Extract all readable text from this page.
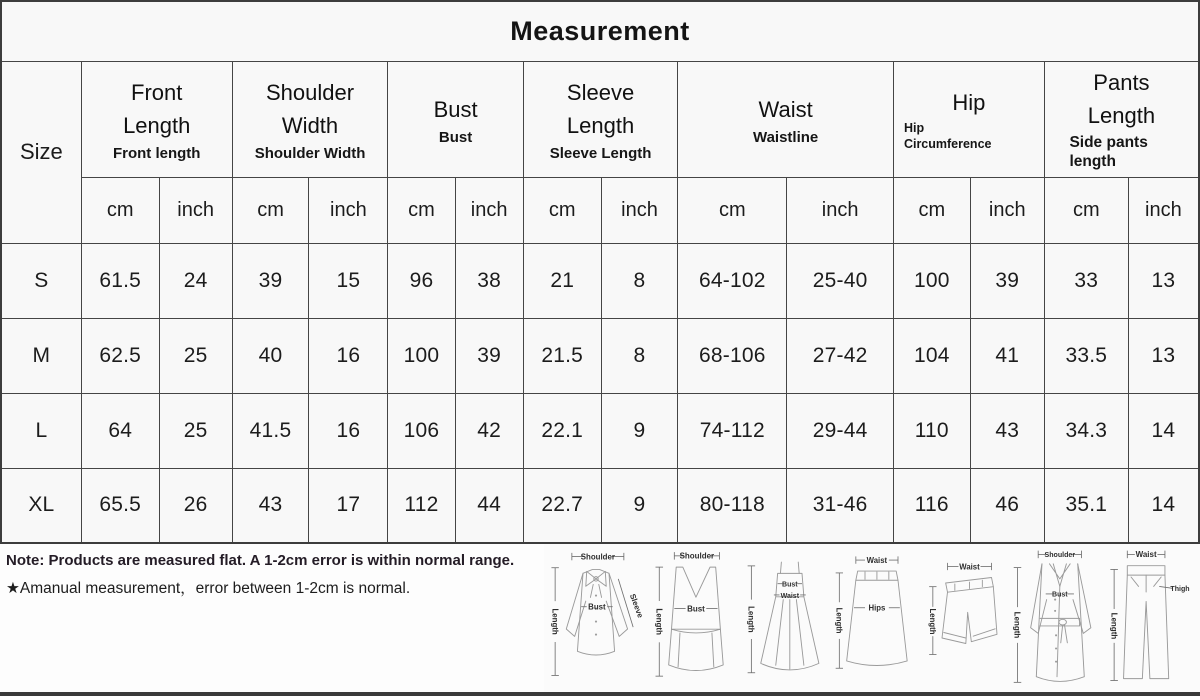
Measurement														
Size	
Front Length
Front length

Shoulder Width
Shoulder Width

Bust
Bust

Sleeve Length
Sleeve Length

Waist
Waistline

Hip
Hip Circumference

Pants Length
Side pants length

	cm	inch	cm	inch	cm	inch	cm	inch	cm	inch	cm	inch	cm	inch
S	61.5	24	39	15	96	38	21	8	64-102	25-40	100	39	33	13
M	62.5	25	40	16	100	39	21.5	8	68-106	27-42	104	41	33.5	13
L	64	25	41.5	16	106	42	22.1	9	74-112	29-44	110	43	34.3	14
XL	65.5	26	43	17	112	44	22.7	9	80-118	31-46	116	46	35.1	14
Note: Products are measured flat. A 1-2cm error is within normal range.
★Amanual measurement，error between 1-2cm is normal.
Shoulder
Length
Bust	Sleeve
Shoulder
Length	Bust	Length
Bust
Waist
Waist
Length	Hips
Waist
Length
Shoulder
Length
Bust
Waist
Length
Thigh
